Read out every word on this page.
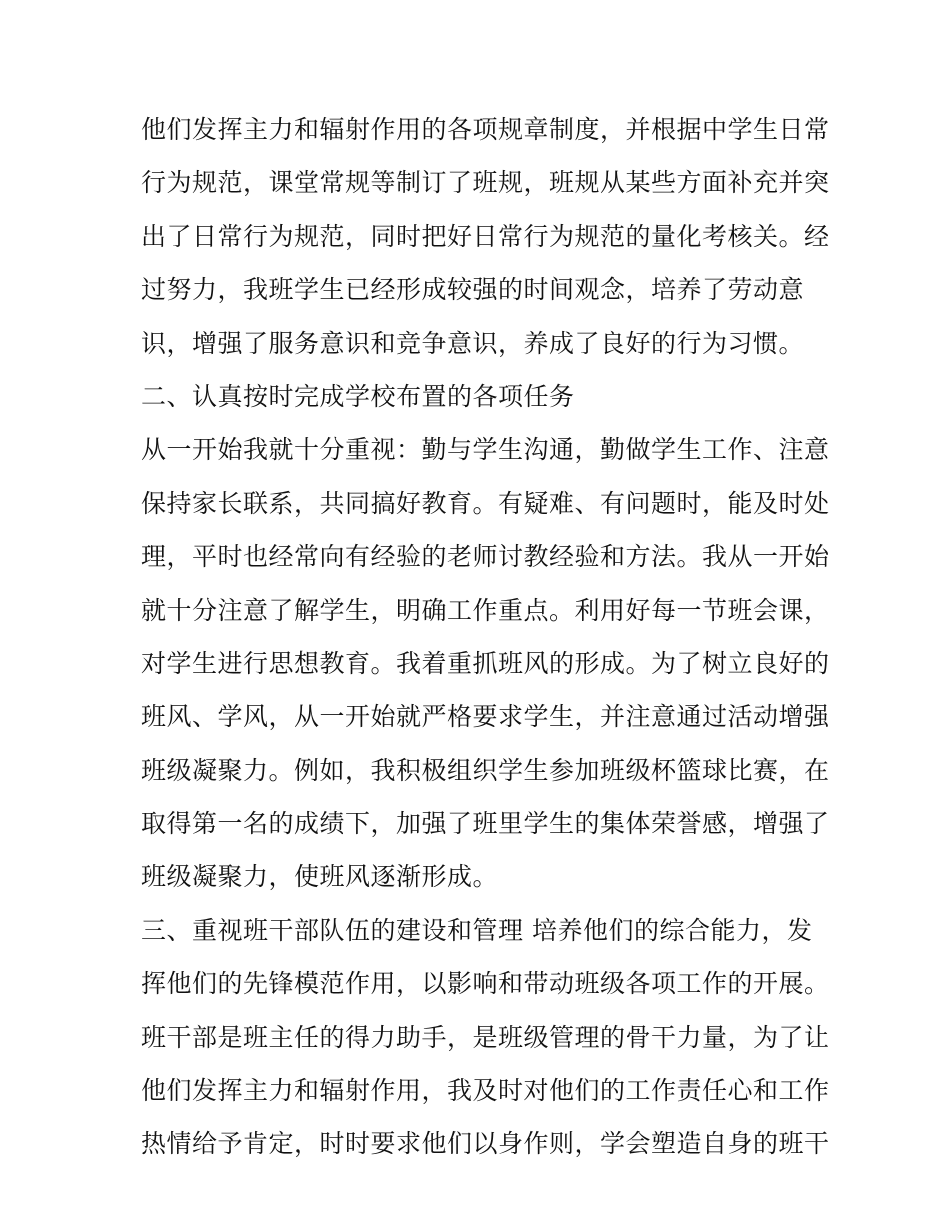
他们发挥主力和辐射作用的各项规章制度，并根据中学生日常
行为规范，课堂常规等制订了班规，班规从某些方面补充并突
出了日常行为规范，同时把好日常行为规范的量化考核关。经
过努力，我班学生已经形成较强的时间观念，培养了劳动意
识，增强了服务意识和竞争意识，养成了良好的行为习惯。
二、认真按时完成学校布置的各项任务
从一开始我就十分重视：勤与学生沟通，勤做学生工作、注意
保持家长联系，共同搞好教育。有疑难、有问题时，能及时处
理，平时也经常向有经验的老师讨教经验和方法。我从一开始
就十分注意了解学生，明确工作重点。利用好每一节班会课，
对学生进行思想教育。我着重抓班风的形成。为了树立良好的
班风、学风，从一开始就严格要求学生，并注意通过活动增强
班级凝聚力。例如，我积极组织学生参加班级杯篮球比赛，在
取得第一名的成绩下，加强了班里学生的集体荣誉感，增强了
班级凝聚力，使班风逐渐形成。
三、重视班干部队伍的建设和管理 培养他们的综合能力，发
挥他们的先锋模范作用，以影响和带动班级各项工作的开展。
班干部是班主任的得力助手，是班级管理的骨干力量，为了让
他们发挥主力和辐射作用，我及时对他们的工作责任心和工作
热情给予肯定，时时要求他们以身作则，学会塑造自身的班干
